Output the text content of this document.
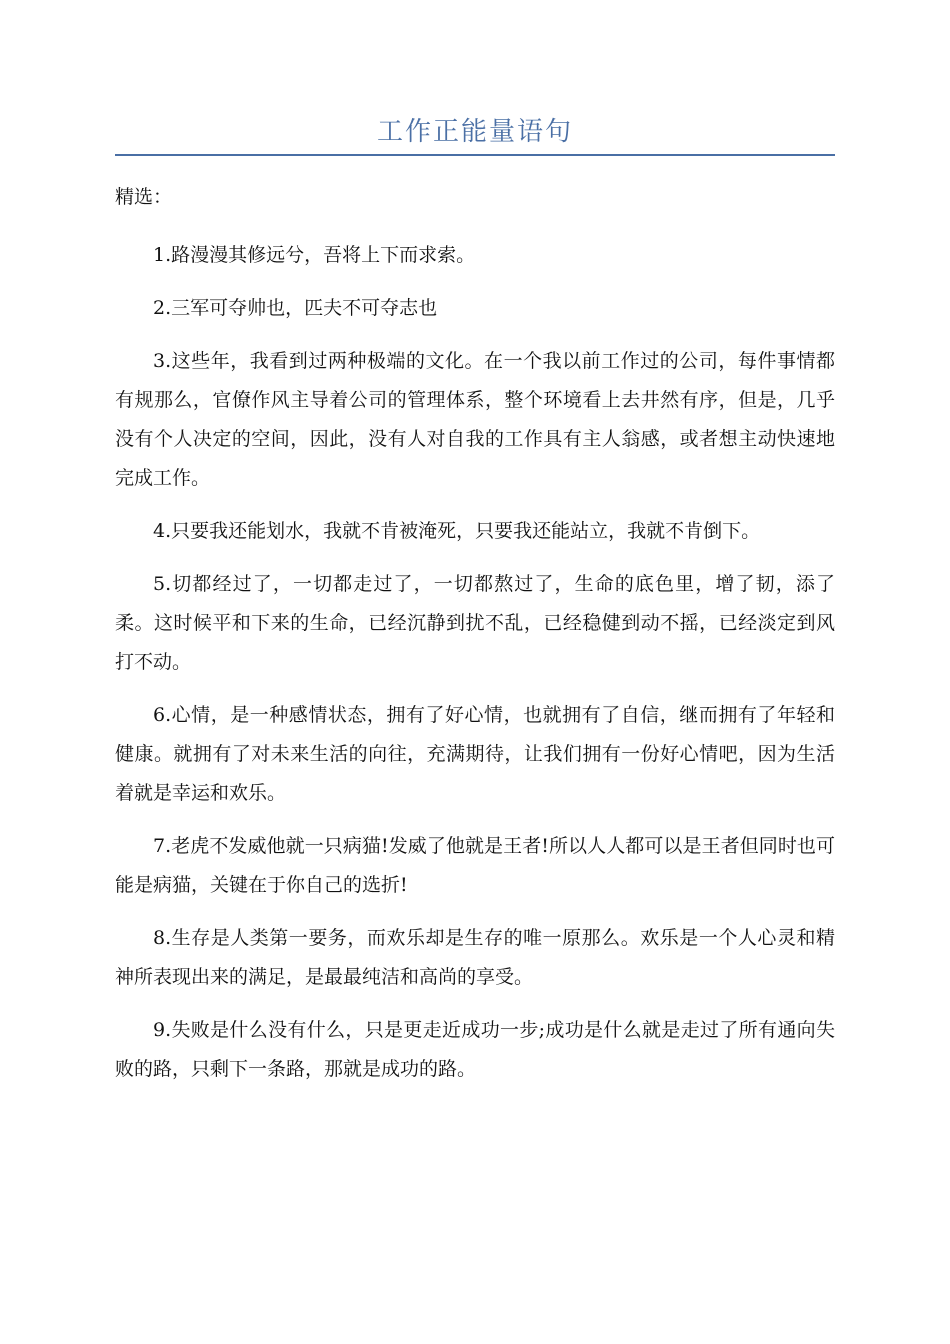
工作正能量语句

精选：

1.路漫漫其修远兮，吾将上下而求索。

2.三军可夺帅也，匹夫不可夺志也

3.这些年，我看到过两种极端的文化。在一个我以前工作过的公司，每件事情都有规那么，官僚作风主导着公司的管理体系，整个环境看上去井然有序，但是，几乎没有个人决定的空间，因此，没有人对自我的工作具有主人翁感，或者想主动快速地完成工作。

4.只要我还能划水，我就不肯被淹死，只要我还能站立，我就不肯倒下。

5.切都经过了，一切都走过了，一切都熬过了，生命的底色里，增了韧，添了柔。这时候平和下来的生命，已经沉静到扰不乱，已经稳健到动不摇，已经淡定到风打不动。

6.心情，是一种感情状态，拥有了好心情，也就拥有了自信，继而拥有了年轻和健康。就拥有了对未来生活的向往，充满期待，让我们拥有一份好心情吧，因为生活着就是幸运和欢乐。

7.老虎不发威他就一只病猫!发威了他就是王者!所以人人都可以是王者但同时也可能是病猫，关键在于你自己的选折!

8.生存是人类第一要务，而欢乐却是生存的唯一原那么。欢乐是一个人心灵和精神所表现出来的满足，是最最纯洁和高尚的享受。

9.失败是什么没有什么，只是更走近成功一步;成功是什么就是走过了所有通向失败的路，只剩下一条路，那就是成功的路。
